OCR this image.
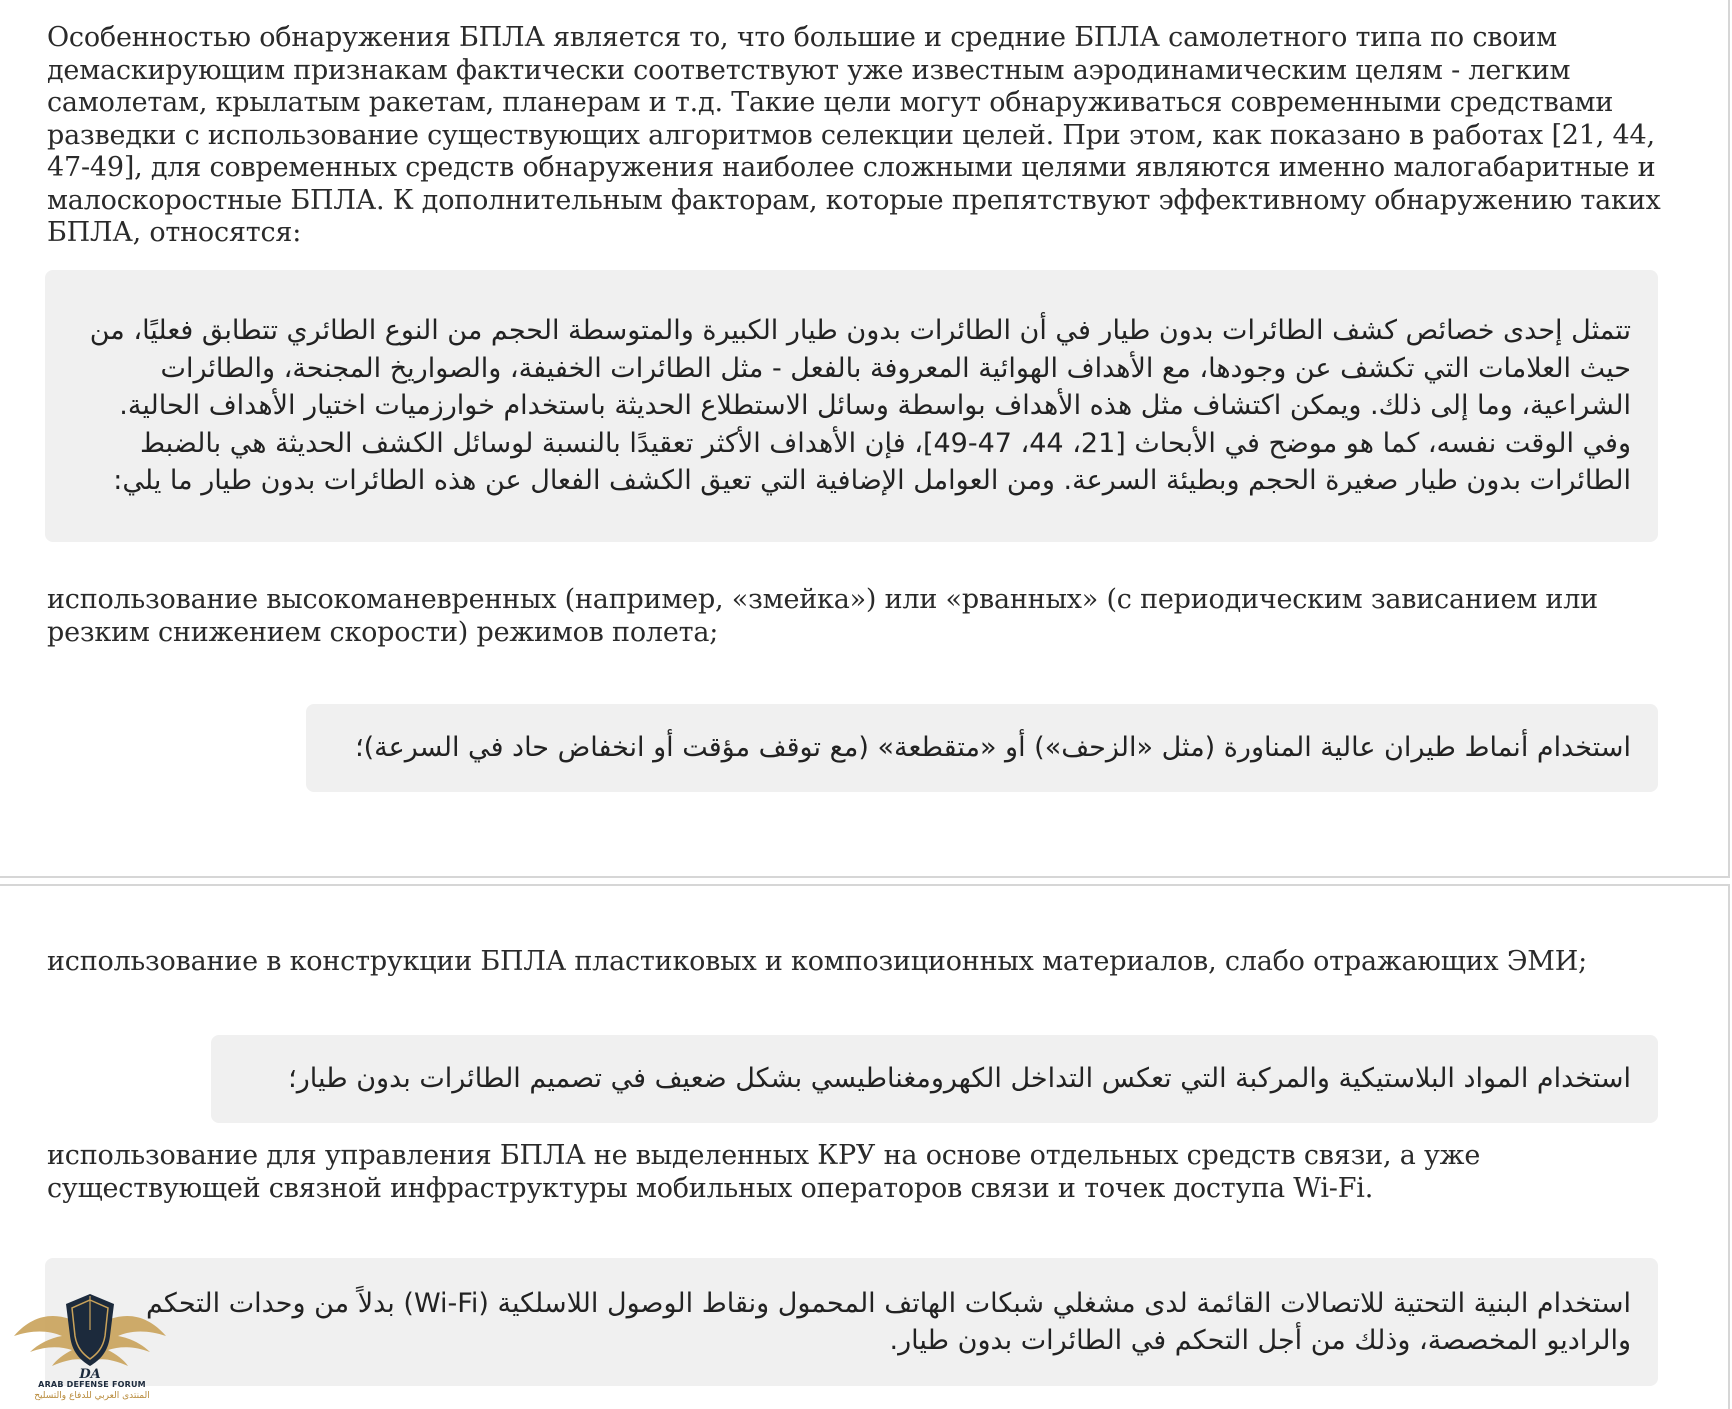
Особенностью обнаружения БПЛА является то, что большие и средние БПЛА самолетного типа по своим демаскирующим признакам фактически соответствуют уже известным аэродинамическим целям - легким самолетам, крылатым ракетам, планерам и т.д. Такие цели могут обнаруживаться современными средствами разведки с использование существующих алгоритмов селекции целей. При этом, как показано в работах [21, 44, 47-49], для современных средств обнаружения наиболее сложными целями являются именно малогабаритные и малоскоростные БПЛА. К дополнительным факторам, которые препятствуют эффективному обнаружению таких БПЛА, относятся:

تتمثل إحدى خصائص كشف الطائرات بدون طيار في أن الطائرات بدون طيار الكبيرة والمتوسطة الحجم من النوع الطائري تتطابق فعليًا، من حيث العلامات التي تكشف عن وجودها، مع الأهداف الهوائية المعروفة بالفعل - مثل الطائرات الخفيفة، والصواريخ المجنحة، والطائرات الشراعية، وما إلى ذلك. ويمكن اكتشاف مثل هذه الأهداف بواسطة وسائل الاستطلاع الحديثة باستخدام خوارزميات اختيار الأهداف الحالية. وفي الوقت نفسه، كما هو موضح في الأبحاث [21، 44، 47-49]، فإن الأهداف الأكثر تعقيدًا بالنسبة لوسائل الكشف الحديثة هي بالضبط الطائرات بدون طيار صغيرة الحجم وبطيئة السرعة. ومن العوامل الإضافية التي تعيق الكشف الفعال عن هذه الطائرات بدون طيار ما يلي:

использование высокоманевренных (например, «змейка») или «рванных» (с периодическим зависанием или резким снижением скорости) режимов полета;

استخدام أنماط طيران عالية المناورة (مثل «الزحف») أو «متقطعة» (مع توقف مؤقت أو انخفاض حاد في السرعة)؛

использование в конструкции БПЛА пластиковых и композиционных материалов, слабо отражающих ЭМИ;

استخدام المواد البلاستيكية والمركبة التي تعكس التداخل الكهرومغناطيسي بشكل ضعيف في تصميم الطائرات بدون طيار؛

использование для управления БПЛА не выделенных КРУ на основе отдельных средств связи, а уже существующей связной инфраструктуры мобильных операторов связи и точек доступа Wi-Fi.

استخدام البنية التحتية للاتصالات القائمة لدى مشغلي شبكات الهاتف المحمول ونقاط الوصول اللاسلكية (Wi-Fi) بدلاً من وحدات التحكم والراديو المخصصة، وذلك من أجل التحكم في الطائرات بدون طيار.

DA
ARAB DEFENSE FORUM
المنتدى العربي للدفاع والتسليح
